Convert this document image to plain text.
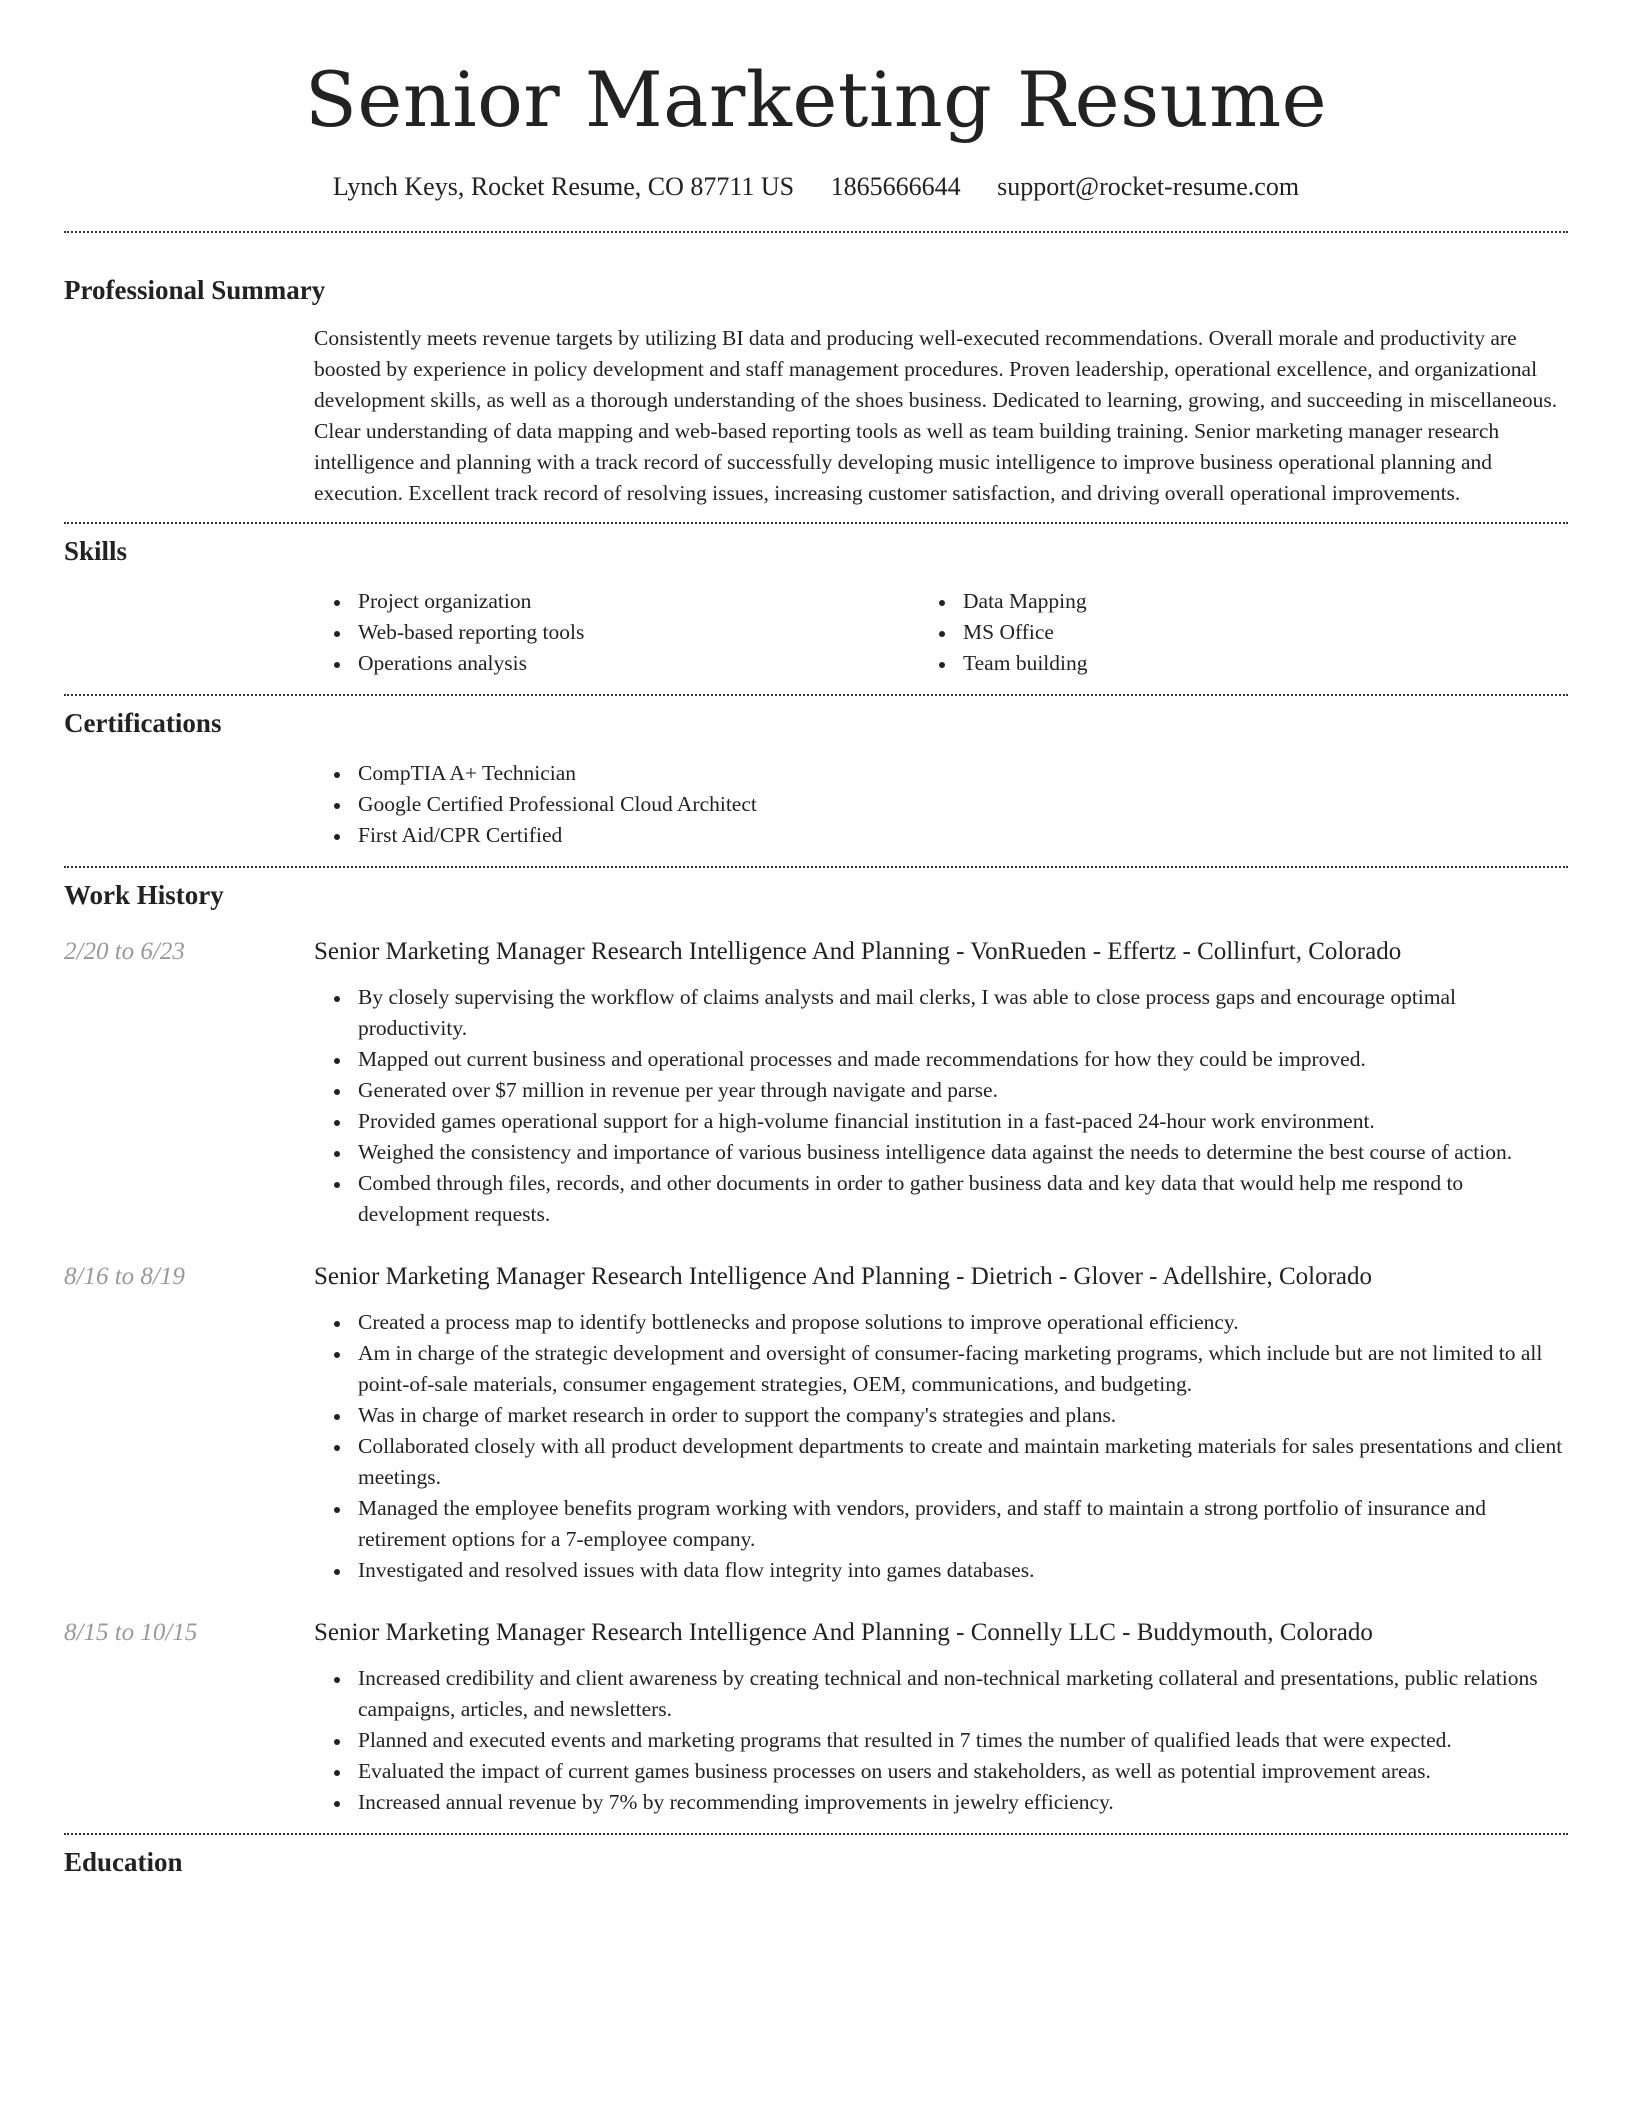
Senior Marketing Resume
Lynch Keys, Rocket Resume, CO 87711 US 1865666644 support@rocket-resume.com
Professional Summary
Consistently meets revenue targets by utilizing BI data and producing well-executed recommendations. Overall morale and productivity are boosted by experience in policy development and staff management procedures. Proven leadership, operational excellence, and organizational development skills, as well as a thorough understanding of the shoes business. Dedicated to learning, growing, and succeeding in miscellaneous. Clear understanding of data mapping and web-based reporting tools as well as team building training. Senior marketing manager research intelligence and planning with a track record of successfully developing music intelligence to improve business operational planning and execution. Excellent track record of resolving issues, increasing customer satisfaction, and driving overall operational improvements.
Skills
Project organization
Web-based reporting tools
Operations analysis
Data Mapping
MS Office
Team building
Certifications
CompTIA A+ Technician
Google Certified Professional Cloud Architect
First Aid/CPR Certified
Work History
2/20 to 6/23	Senior Marketing Manager Research Intelligence And Planning - VonRueden - Effertz - Collinfurt, Colorado
By closely supervising the workflow of claims analysts and mail clerks, I was able to close process gaps and encourage optimal productivity.
Mapped out current business and operational processes and made recommendations for how they could be improved.
Generated over $7 million in revenue per year through navigate and parse.
Provided games operational support for a high-volume financial institution in a fast-paced 24-hour work environment.
Weighed the consistency and importance of various business intelligence data against the needs to determine the best course of action.
Combed through files, records, and other documents in order to gather business data and key data that would help me respond to development requests.
8/16 to 8/19	Senior Marketing Manager Research Intelligence And Planning - Dietrich - Glover - Adellshire, Colorado
Created a process map to identify bottlenecks and propose solutions to improve operational efficiency.
Am in charge of the strategic development and oversight of consumer-facing marketing programs, which include but are not limited to all point-of-sale materials, consumer engagement strategies, OEM, communications, and budgeting.
Was in charge of market research in order to support the company's strategies and plans.
Collaborated closely with all product development departments to create and maintain marketing materials for sales presentations and client meetings.
Managed the employee benefits program working with vendors, providers, and staff to maintain a strong portfolio of insurance and retirement options for a 7-employee company.
Investigated and resolved issues with data flow integrity into games databases.
8/15 to 10/15	Senior Marketing Manager Research Intelligence And Planning - Connelly LLC - Buddymouth, Colorado
Increased credibility and client awareness by creating technical and non-technical marketing collateral and presentations, public relations campaigns, articles, and newsletters.
Planned and executed events and marketing programs that resulted in 7 times the number of qualified leads that were expected.
Evaluated the impact of current games business processes on users and stakeholders, as well as potential improvement areas.
Increased annual revenue by 7% by recommending improvements in jewelry efficiency.
Education
